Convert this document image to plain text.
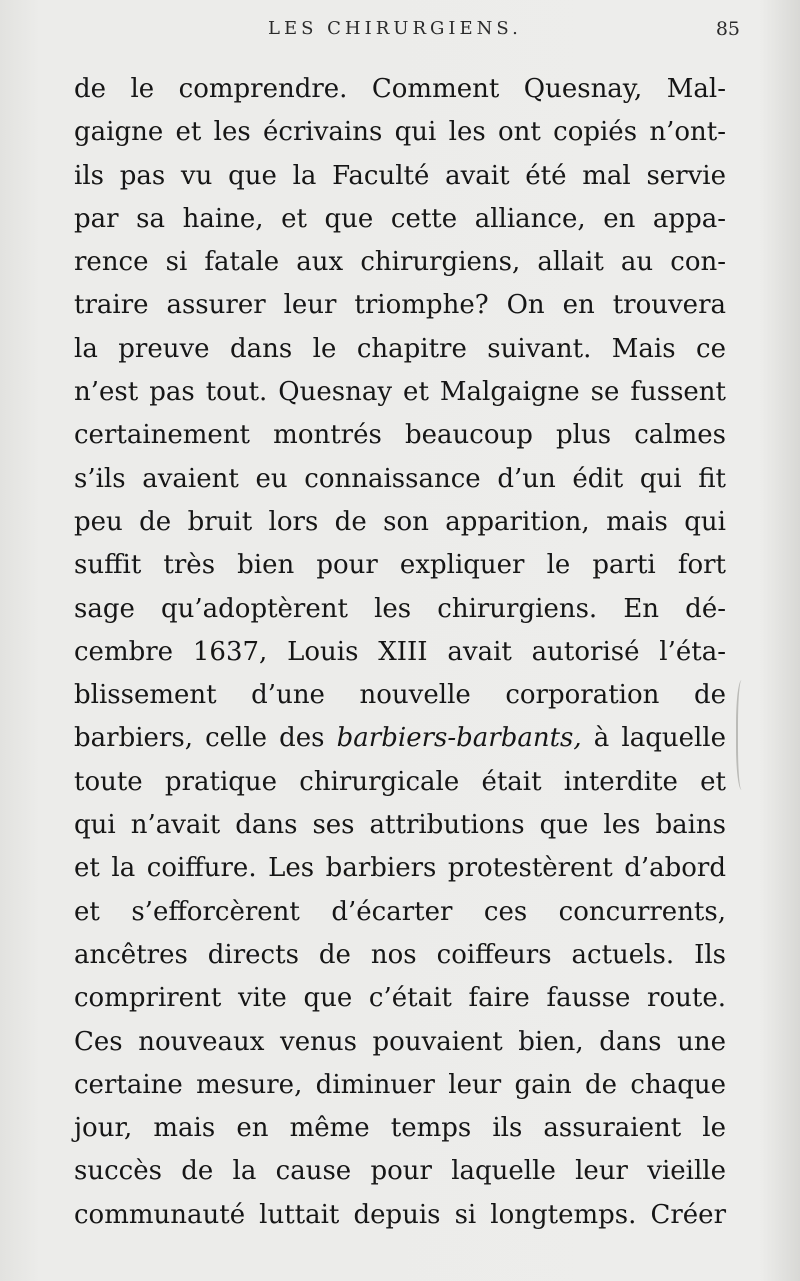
LES CHIRURGIENS.	85
de le comprendre. Comment Quesnay, Mal-
gaigne et les écrivains qui les ont copiés n’ont-
ils pas vu que la Faculté avait été mal servie
par sa haine, et que cette alliance, en appa-
rence si fatale aux chirurgiens, allait au con-
traire assurer leur triomphe? On en trouvera
la preuve dans le chapitre suivant. Mais ce
n’est pas tout. Quesnay et Malgaigne se fussent
certainement montrés beaucoup plus calmes
s’ils avaient eu connaissance d’un édit qui fit
peu de bruit lors de son apparition, mais qui
suffit très bien pour expliquer le parti fort
sage qu’adoptèrent les chirurgiens. En dé-
cembre 1637, Louis XIII avait autorisé l’éta-
blissement d’une nouvelle corporation de
barbiers, celle des barbiers-barbants, à laquelle
toute pratique chirurgicale était interdite et
qui n’avait dans ses attributions que les bains
et la coiffure. Les barbiers protestèrent d’abord
et s’efforcèrent d’écarter ces concurrents,
ancêtres directs de nos coiffeurs actuels. Ils
comprirent vite que c’était faire fausse route.
Ces nouveaux venus pouvaient bien, dans une
certaine mesure, diminuer leur gain de chaque
jour, mais en même temps ils assuraient le
succès de la cause pour laquelle leur vieille
communauté luttait depuis si longtemps. Créer
